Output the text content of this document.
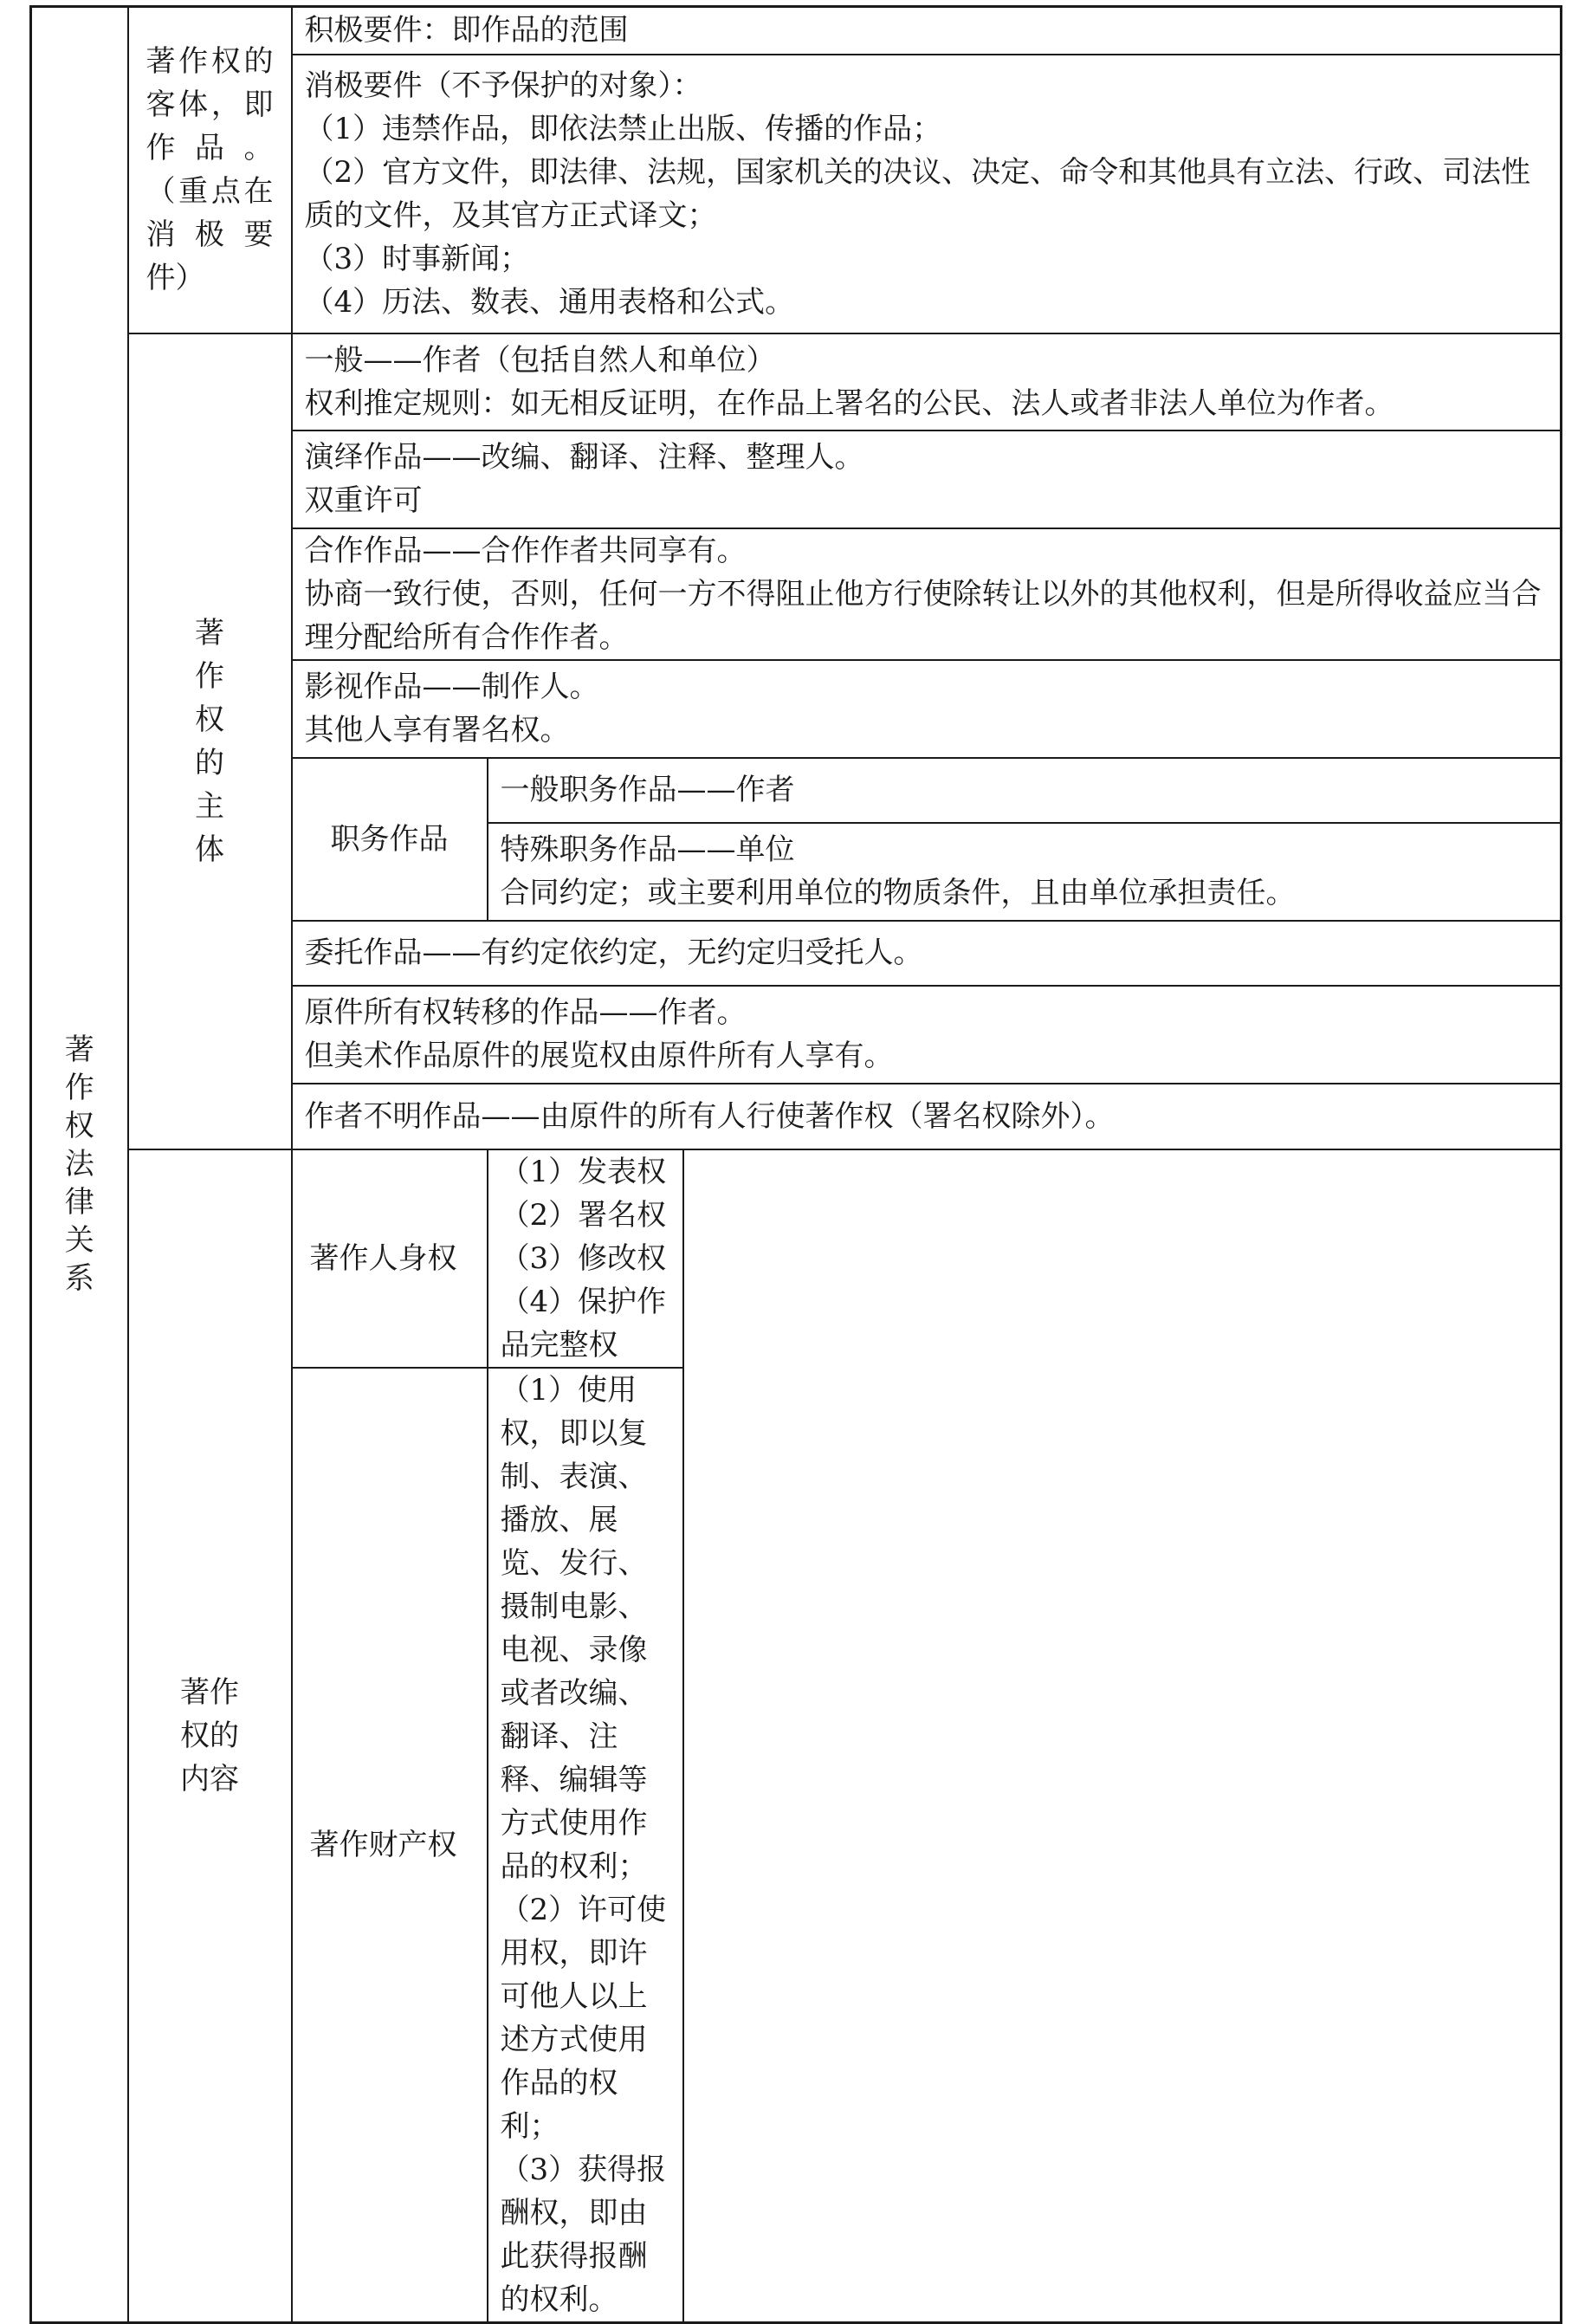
著作权法律关系	著作权的客体，即作品。（重点在消极要件）	积极要件：即作品的范围	

		消极要件（不予保护的对象）：
（1）违禁作品，即依法禁止出版、传播的作品；
（2）官方文件，即法律、法规，国家机关的决议、决定、命令和其他具有立法、行政、司法性质的文件，及其官方正式译文；
（3）时事新闻；
（4）历法、数表、通用表格和公式。	

	著作权的主体	一般——作者（包括自然人和单位）
权利推定规则：如无相反证明，在作品上署名的公民、法人或者非法人单位为作者。	

		演绎作品——改编、翻译、注释、整理人。
双重许可	

		合作作品——合作作者共同享有。
协商一致行使，否则，任何一方不得阻止他方行使除转让以外的其他权利，但是所得收益应当合理分配给所有合作作者。	

		影视作品——制作人。
其他人享有署名权。	

		职务作品	一般职务作品——作者

			特殊职务作品——单位
合同约定；或主要利用单位的物质条件，且由单位承担责任。

		委托作品——有约定依约定，无约定归受托人。	

		原件所有权转移的作品——作者。
但美术作品原件的展览权由原件所有人享有。	

		作者不明作品——由原件的所有人行使著作权（署名权除外）。	
	著作权的内容	著作人身权	（1）发表权
（2）署名权
（3）修改权
（4）保护作品完整权

		著作财产权	（1）使用权，即以复制、表演、播放、展览、发行、摄制电影、电视、录像或者改编、翻译、注释、编辑等方式使用作品的权利；
（2）许可使用权，即许可他人以上述方式使用作品的权利；
（3）获得报酬权，即由此获得报酬的权利。
